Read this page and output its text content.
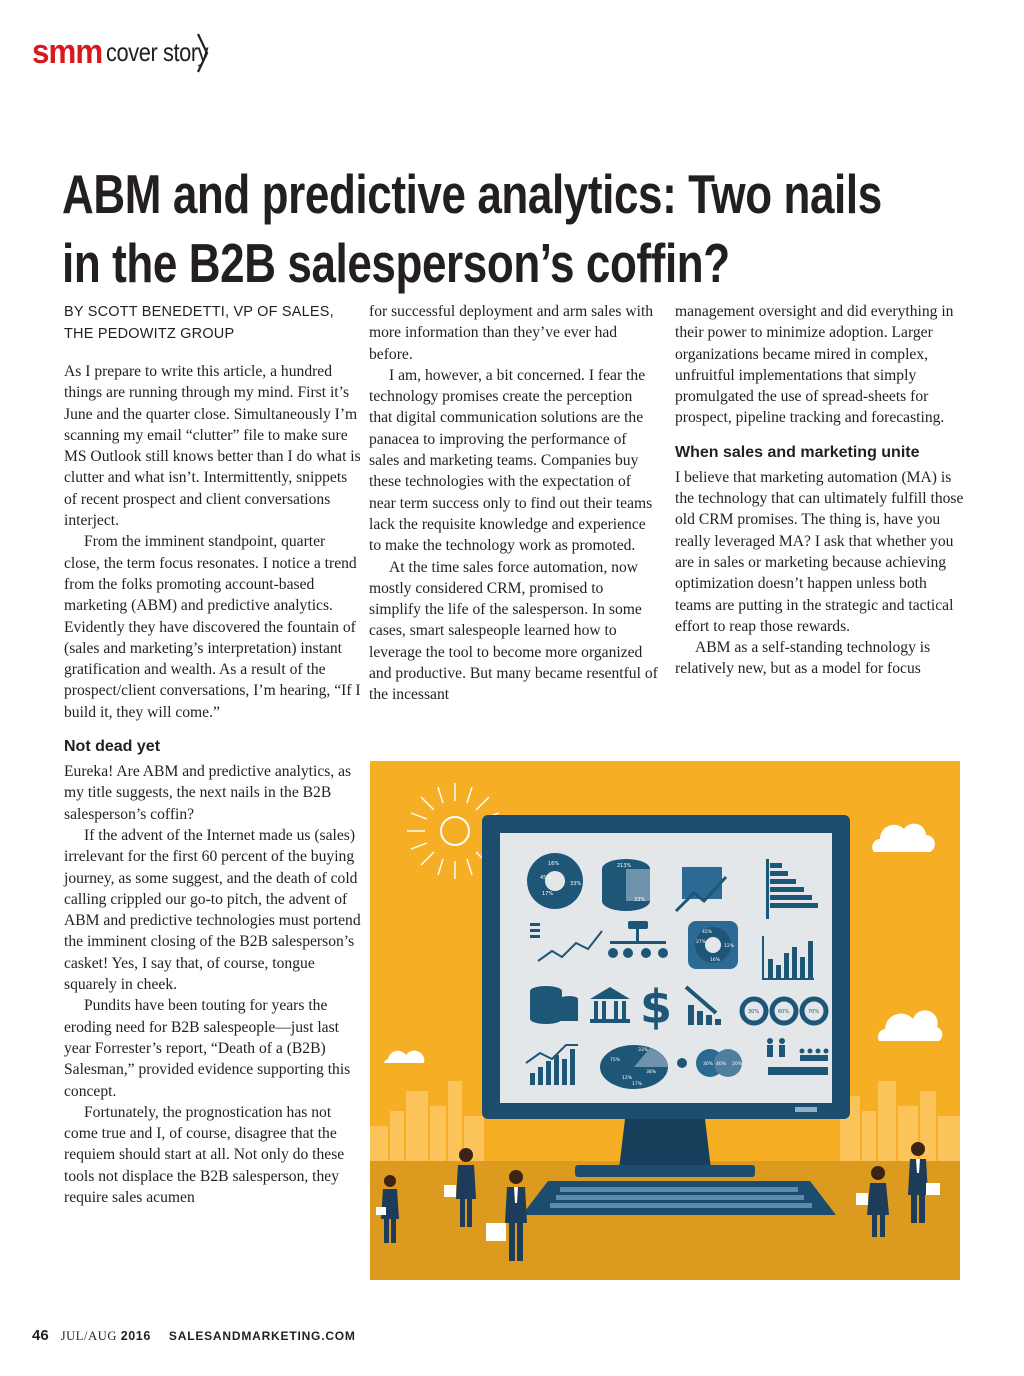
smm cover story
ABM and predictive analytics: Two nails
in the B2B salesperson’s coffin?

BY SCOTT BENEDETTI, VP OF SALES,
THE PEDOWITZ GROUP

As I prepare to write this article, a hundred things are running through my mind. First it’s June and the quarter close. Simultaneously I’m scanning my email “clutter” file to make sure MS Outlook still knows better than I do what is clutter and what isn’t. Intermittently, snippets of recent prospect and client conversations interject.

From the imminent standpoint, quarter close, the term focus resonates. I notice a trend from the folks promoting account-based marketing (ABM) and predictive analytics. Evidently they have discovered the fountain of (sales and marketing’s interpretation) instant gratification and wealth. As a result of the prospect/client conversations, I’m hearing, “If I build it, they will come.”

Not dead yet

Eureka! Are ABM and predictive analytics, as my title suggests, the next nails in the B2B salesperson’s coffin?

If the advent of the Internet made us (sales) irrelevant for the first 60 percent of the buying journey, as some suggest, and the death of cold calling crippled our go-to pitch, the advent of ABM and predictive technologies must portend the imminent closing of the B2B salesperson’s casket! Yes, I say that, of course, tongue squarely in cheek.

Pundits have been touting for years the eroding need for B2B salespeople—just last year Forrester’s report, “Death of a (B2B) Salesman,” provided evidence supporting this concept.

Fortunately, the prognostication has not come true and I, of course, disagree that the requiem should start at all. Not only do these tools not displace the B2B salesperson, they require sales acumen

for successful deployment and arm sales with more information than they’ve ever had before.

I am, however, a bit concerned. I fear the technology promises create the perception that digital communication solutions are the panacea to improving the performance of sales and marketing teams. Companies buy these technologies with the expectation of near term success only to find out their teams lack the requisite knowledge and experience to make the technology work as promoted.

At the time sales force automation, now mostly considered CRM, promised to simplify the life of the salesperson. In some cases, smart salespeople learned how to leverage the tool to become more organized and productive. But many became resentful of the incessant

management oversight and did everything in their power to minimize adoption. Larger organizations became mired in complex, unfruitful implementations that simply promulgated the use of spread-sheets for prospect, pipeline tracking and forecasting.

When sales and marketing unite

I believe that marketing automation (MA) is the technology that can ultimately fulfill those old CRM promises. The thing is, have you really leveraged MA? I ask that whether you are in sales or marketing because achieving optimization doesn’t happen unless both teams are putting in the strategic and tactical effort to reap those rewards.

ABM as a self-standing technology is relatively new, but as a model for focus

16%
45%
33%
17%
213%
33%
45%
27%
12%
16%
$	30%	60%	70%
33%
75%
38%
12%
17%
30% 40% 20%
46 JUL/AUG 2016 SALESANDMARKETING.COM
